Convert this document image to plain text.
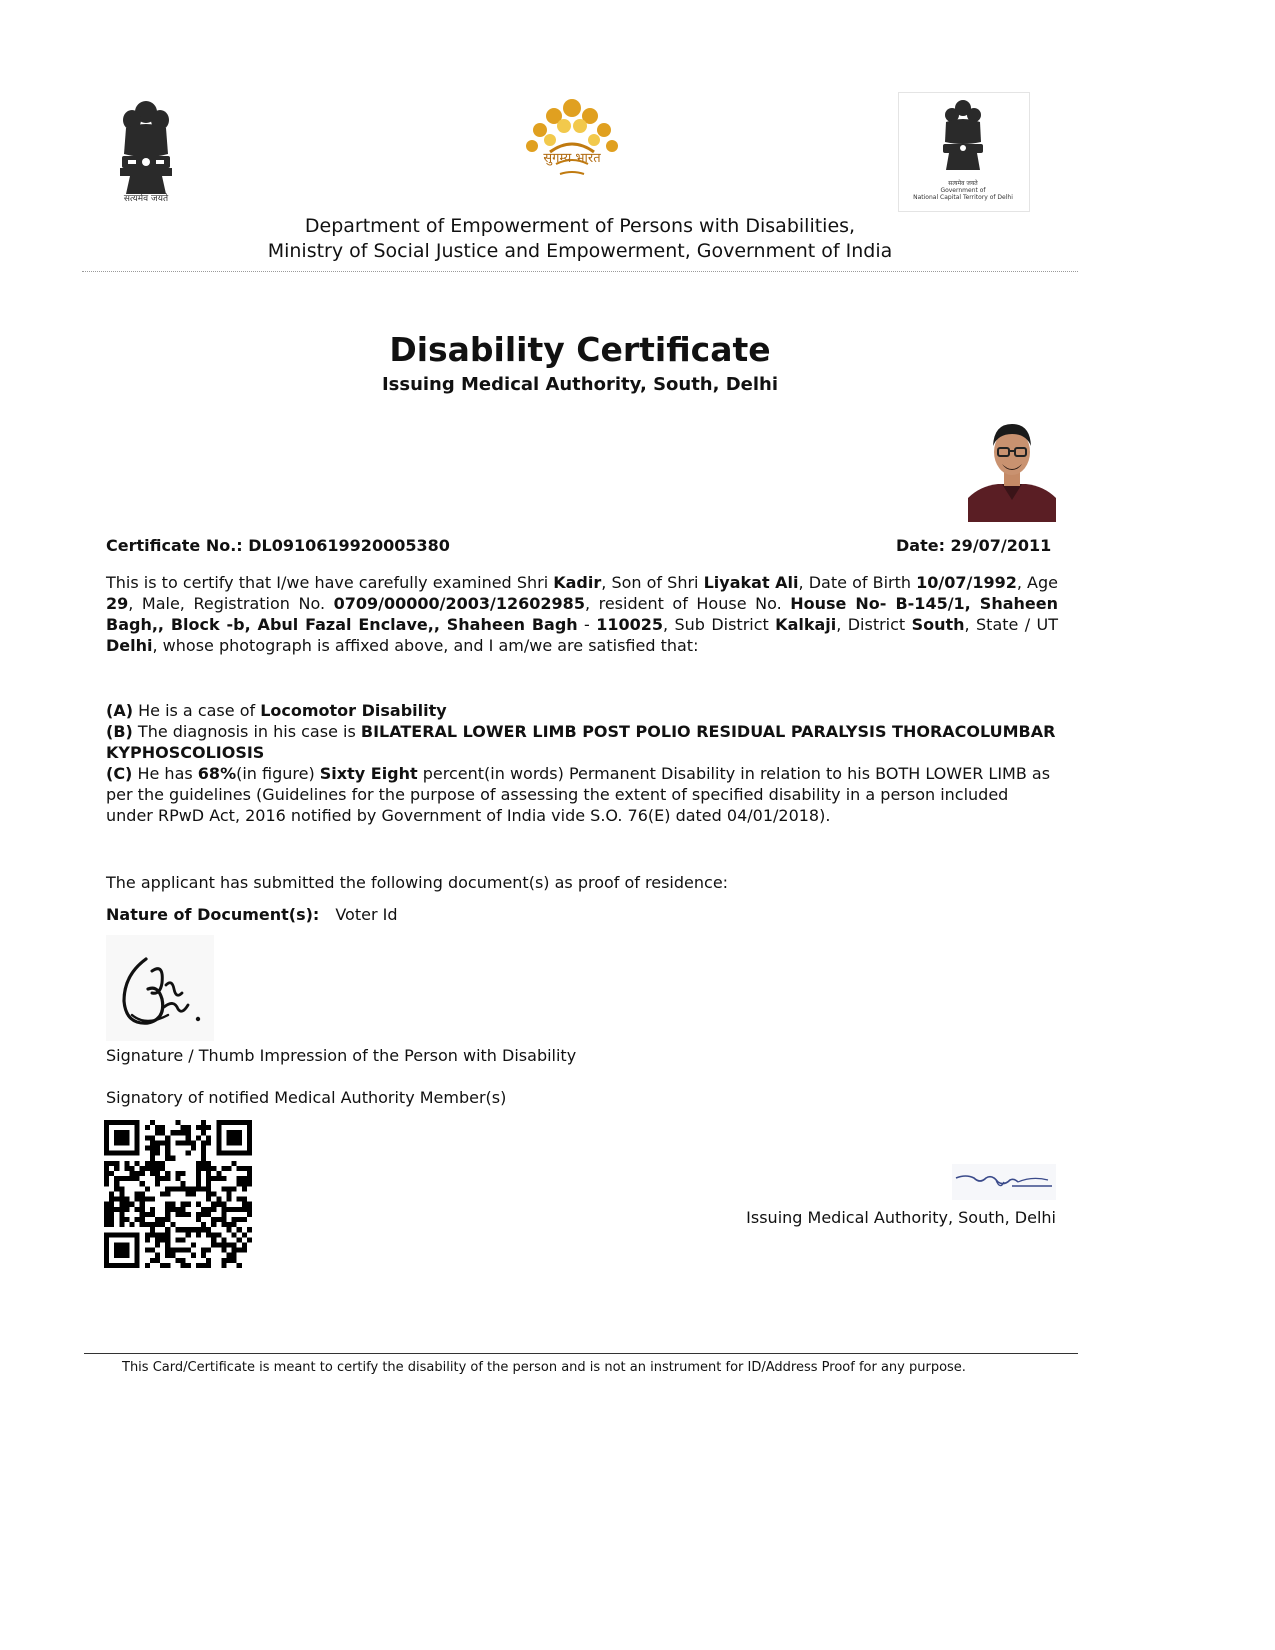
सत्यमेव जयते
सुगम्य भारत
सत्यमेव जयते
Government of
National Capital Territory of Delhi
Department of Empowerment of Persons with Disabilities,
Ministry of Social Justice and Empowerment, Government of India
Disability Certificate
Issuing Medical Authority, South, Delhi
Certificate No.: DL0910619920005380	Date: 29/07/2011
This is to certify that I/we have carefully examined Shri Kadir, Son of Shri Liyakat Ali, Date of Birth 10/07/1992, Age 29, Male, Registration No. 0709/00000/2003/12602985, resident of House No. House No- B-145/1, Shaheen Bagh,, Block -b, Abul Fazal Enclave,, Shaheen Bagh - 110025, Sub District Kalkaji, District South, State / UT Delhi, whose photograph is affixed above, and I am/we are satisfied that:
(A) He is a case of Locomotor Disability
(B) The diagnosis in his case is BILATERAL LOWER LIMB POST POLIO RESIDUAL PARALYSIS THORACOLUMBAR KYPHOSCOLIOSIS
(C) He has 68%(in figure) Sixty Eight percent(in words) Permanent Disability in relation to his BOTH LOWER LIMB as per the guidelines (Guidelines for the purpose of assessing the extent of specified disability in a person included under RPwD Act, 2016 notified by Government of India vide S.O. 76(E) dated 04/01/2018).
The applicant has submitted the following document(s) as proof of residence:
Nature of Document(s): Voter Id
Signature / Thumb Impression of the Person with Disability
Signatory of notified Medical Authority Member(s)
Issuing Medical Authority, South, Delhi
This Card/Certificate is meant to certify the disability of the person and is not an instrument for ID/Address Proof for any purpose.
